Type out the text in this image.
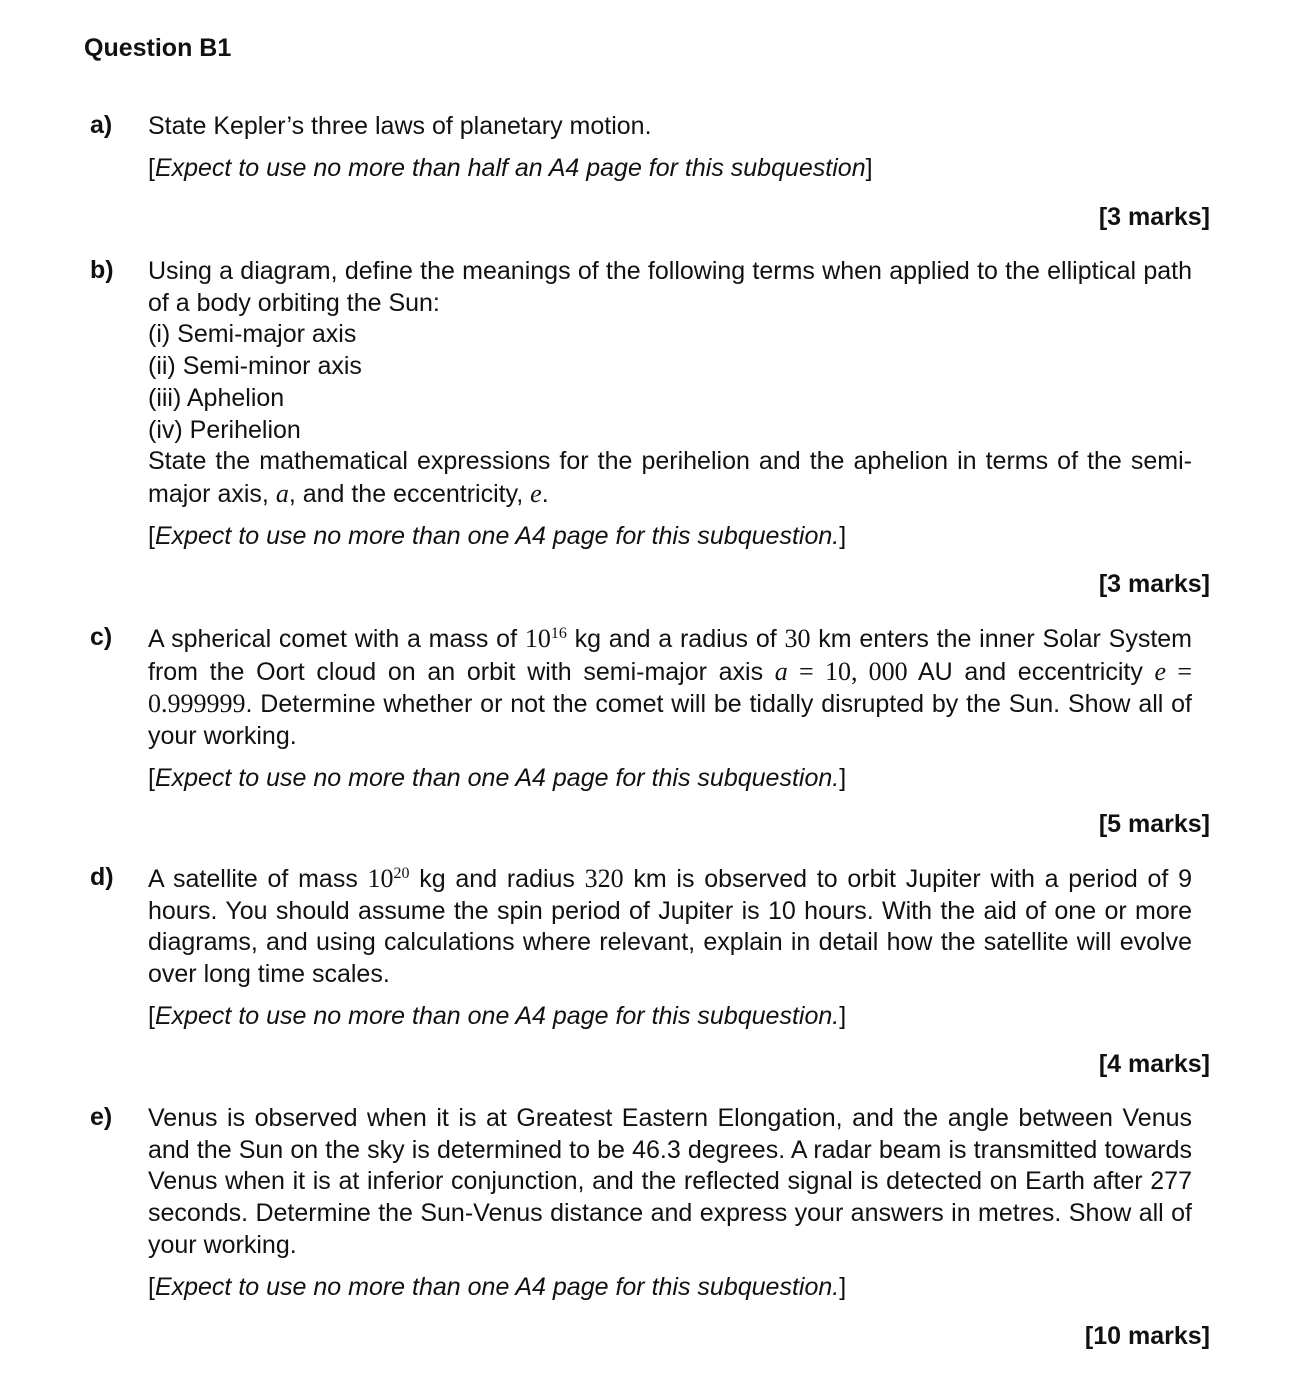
Question B1
a) State Kepler’s three laws of planetary motion.

[Expect to use no more than half an A4 page for this subquestion]
[3 marks]
b) Using a diagram, define the meanings of the following terms when applied to the elliptical path of a body orbiting the Sun:

(i) Semi-major axis

(ii) Semi-minor axis

(iii) Aphelion

(iv) Perihelion

State the mathematical expressions for the perihelion and the aphelion in terms of the semi-major axis, a, and the eccentricity, e.

[Expect to use no more than one A4 page for this subquestion.]
[3 marks]
c) A spherical comet with a mass of $10^{16}$ kg and a radius of 30 km enters the inner Solar System from the Oort cloud on an orbit with semi-major axis a = 10, 000 AU and eccentricity e = 0.999999. Determine whether or not the comet will be tidally disrupted by the Sun. Show all of your working.

[Expect to use no more than one A4 page for this subquestion.]
[5 marks]
d) A satellite of mass $10^{20}$ kg and radius 320 km is observed to orbit Jupiter with a period of 9 hours. You should assume the spin period of Jupiter is 10 hours. With the aid of one or more diagrams, and using calculations where relevant, explain in detail how the satellite will evolve over long time scales.

[Expect to use no more than one A4 page for this subquestion.]
[4 marks]
e) Venus is observed when it is at Greatest Eastern Elongation, and the angle between Venus and the Sun on the sky is determined to be 46.3 degrees. A radar beam is transmitted towards Venus when it is at inferior conjunction, and the reflected signal is detected on Earth after 277 seconds. Determine the Sun-Venus distance and express your answers in metres. Show all of your working.

[Expect to use no more than one A4 page for this subquestion.]
[10 marks]
